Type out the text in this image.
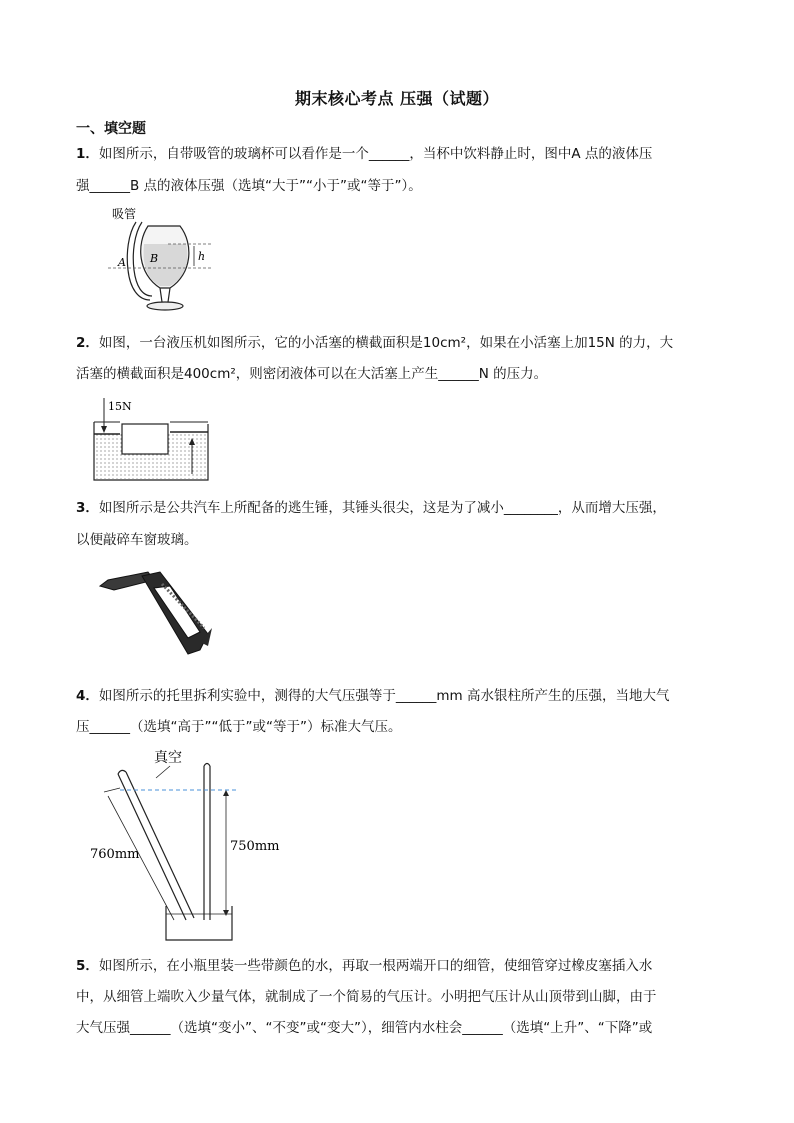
期末核心考点 压强（试题）
一、填空题
1．如图所示，自带吸管的玻璃杯可以看作是一个______，当杯中饮料静止时，图中A 点的液体压
强______B 点的液体压强（选填“大于”“小于”或“等于”）。
吸管
h
A B
2．如图，一台液压机如图所示，它的小活塞的横截面积是10cm²，如果在小活塞上加15N 的力，大
活塞的横截面积是400cm²，则密闭液体可以在大活塞上产生______N 的压力。
15N
3．如图所示是公共汽车上所配备的逃生锤，其锤头很尖，这是为了减小________，从而增大压强，
以便敲碎车窗玻璃。
4．如图所示的托里拆利实验中，测得的大气压强等于______mm 高水银柱所产生的压强，当地大气
压______（选填“高于”“低于”或“等于”）标准大气压。
真空
760mm
750mm
5．如图所示，在小瓶里装一些带颜色的水，再取一根两端开口的细管，使细管穿过橡皮塞插入水
中，从细管上端吹入少量气体，就制成了一个简易的气压计。小明把气压计从山顶带到山脚，由于
大气压强______（选填“变小”、“不变”或“变大”），细管内水柱会______（选填“上升”、“下降”或
